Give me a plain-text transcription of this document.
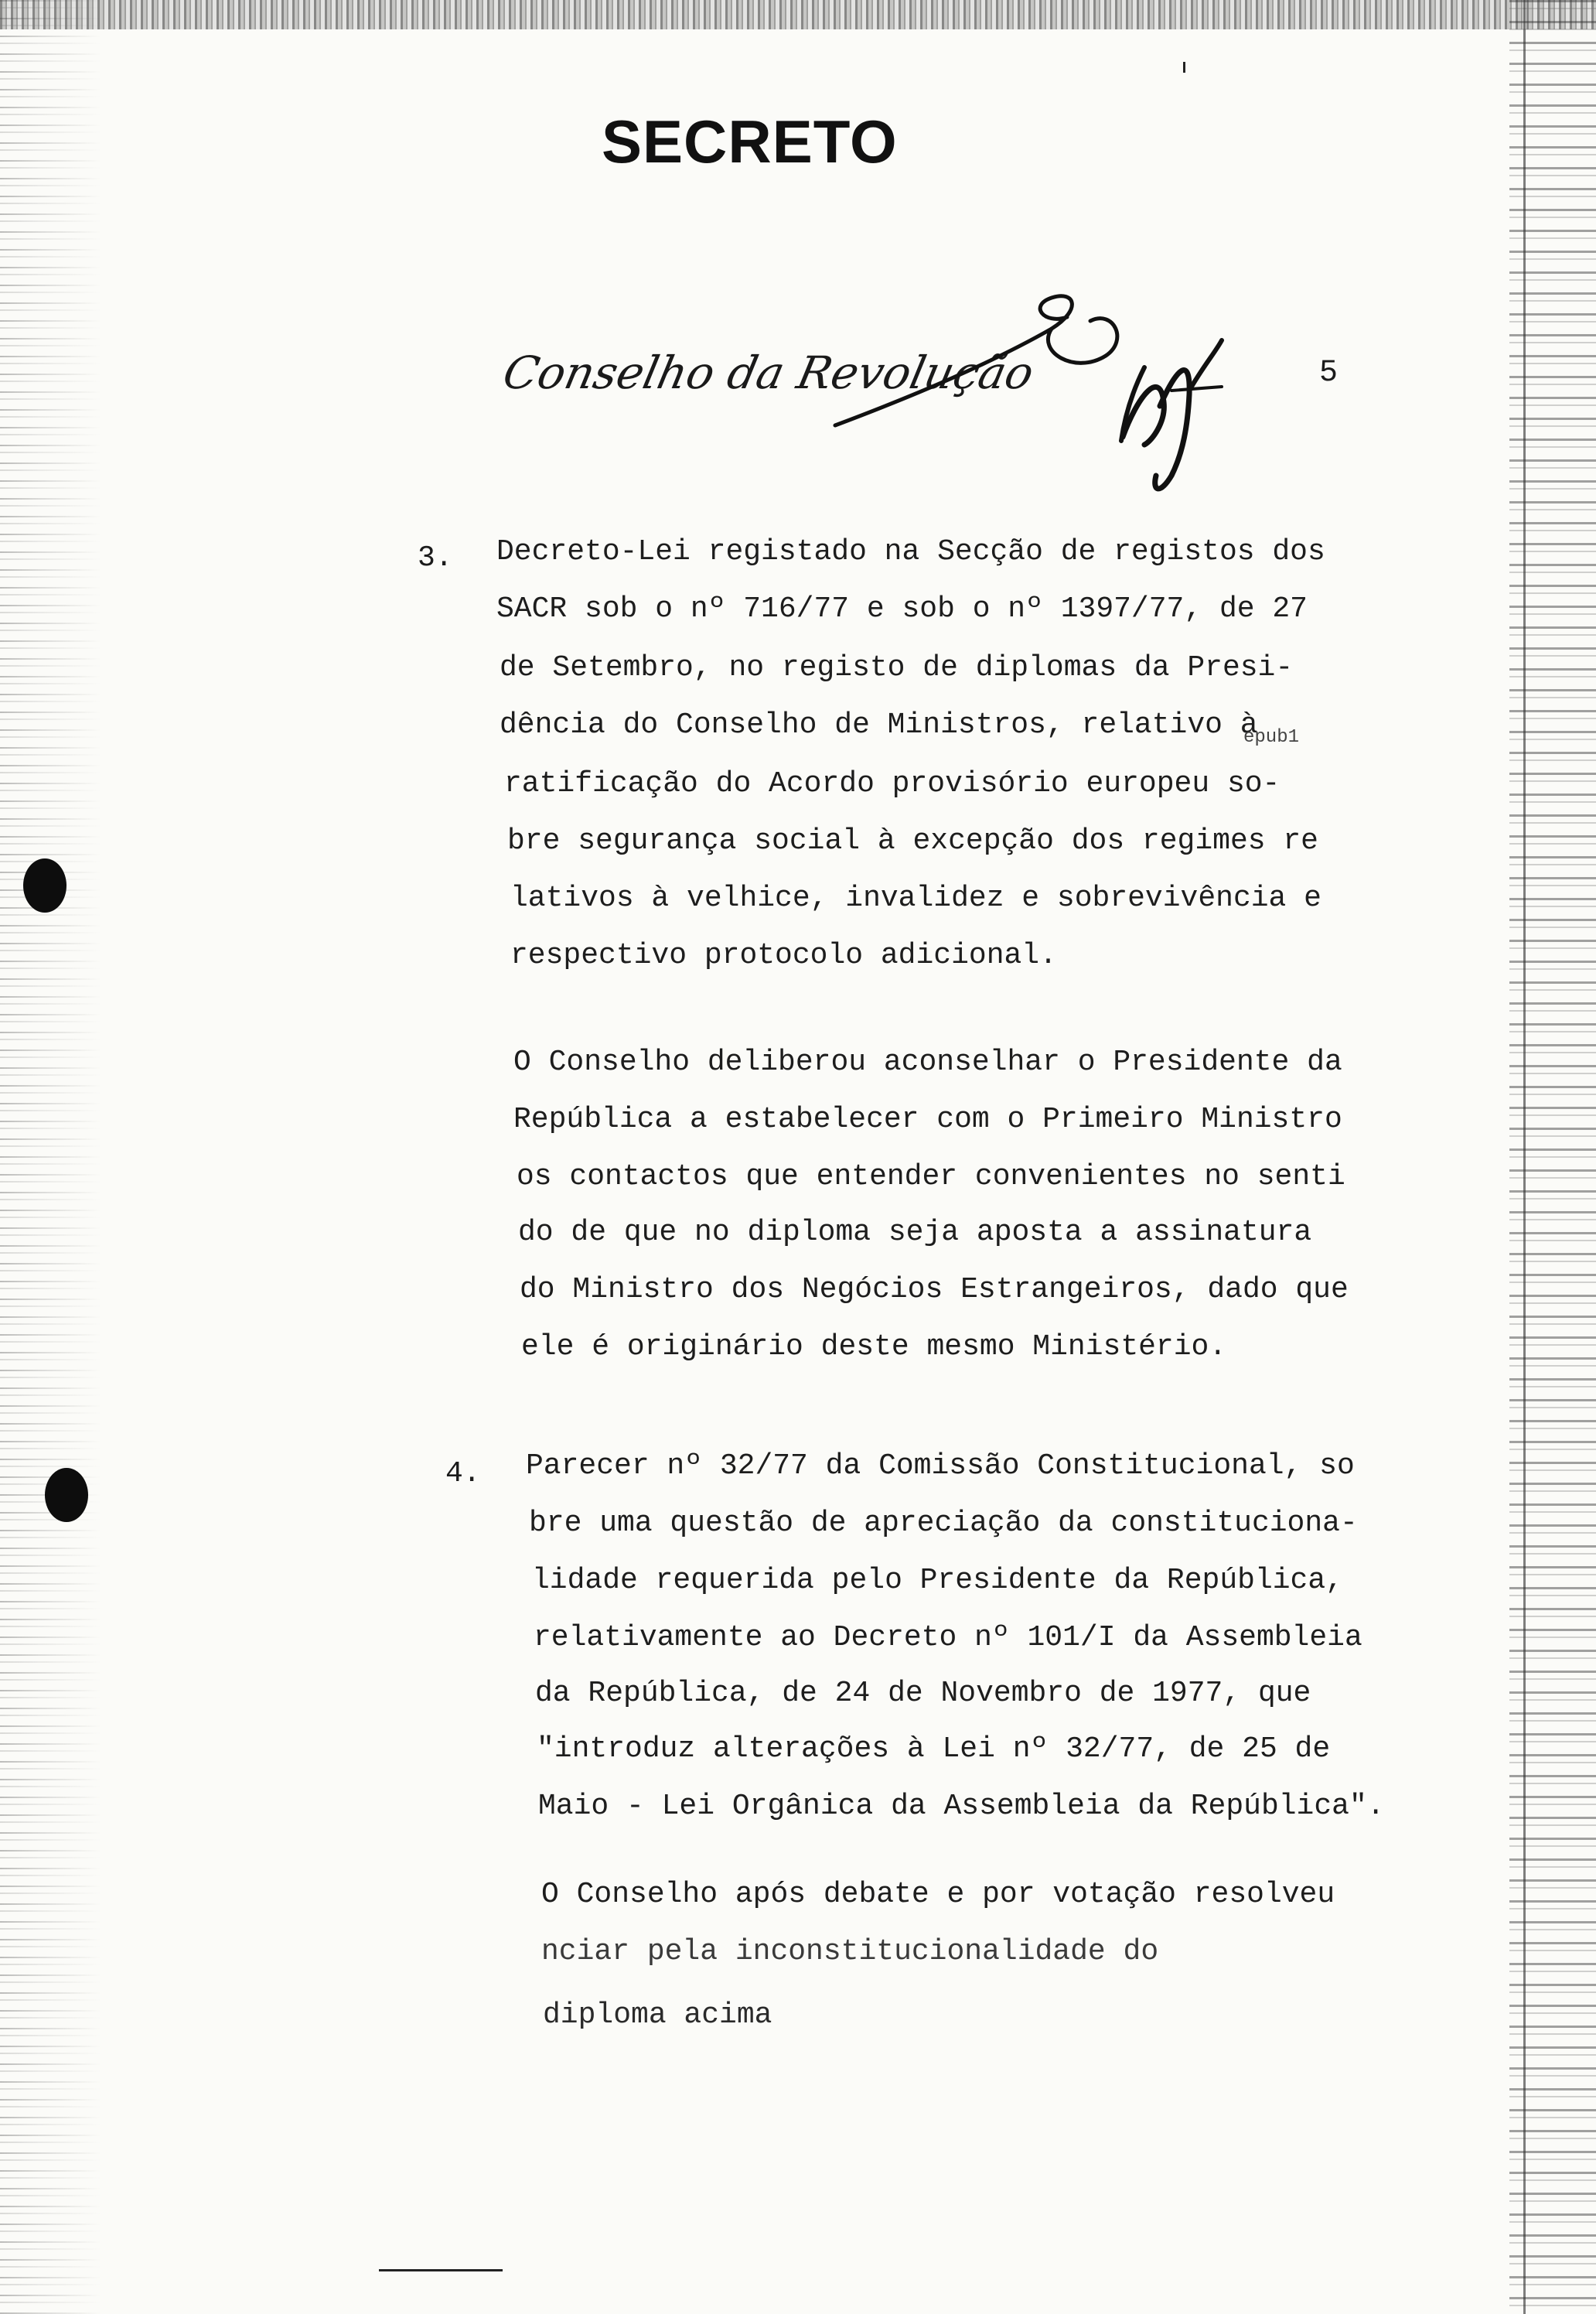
SECRETO
Conselho da Revolução	5
3. Decreto-Lei registado na Secção de registos dos
SACR sob o nº 716/77 e sob o nº 1397/77, de 27
de Setembro, no registo de diplomas da Presi-
dência do Conselho de Ministros, relativo à
ratificação do Acordo provisório europeu so-
bre segurança social à excepção dos regimes re
lativos à velhice, invalidez e sobrevivência e
respectivo protocolo adicional.
epub1
O Conselho deliberou aconselhar o Presidente da
República a estabelecer com o Primeiro Ministro
os contactos que entender convenientes no senti
do de que no diploma seja aposta a assinatura
do Ministro dos Negócios Estrangeiros, dado que
ele é originário deste mesmo Ministério.
4. Parecer nº 32/77 da Comissão Constitucional, so
bre uma questão de apreciação da constituciona-
lidade requerida pelo Presidente da República,
relativamente ao Decreto nº 101/I da Assembleia
da República, de 24 de Novembro de 1977, que
"introduz alterações à Lei nº 32/77, de 25 de
Maio - Lei Orgânica da Assembleia da República".
O Conselho após debate e por votação resolveu
nciar pela inconstitucionalidade do
diploma acima
